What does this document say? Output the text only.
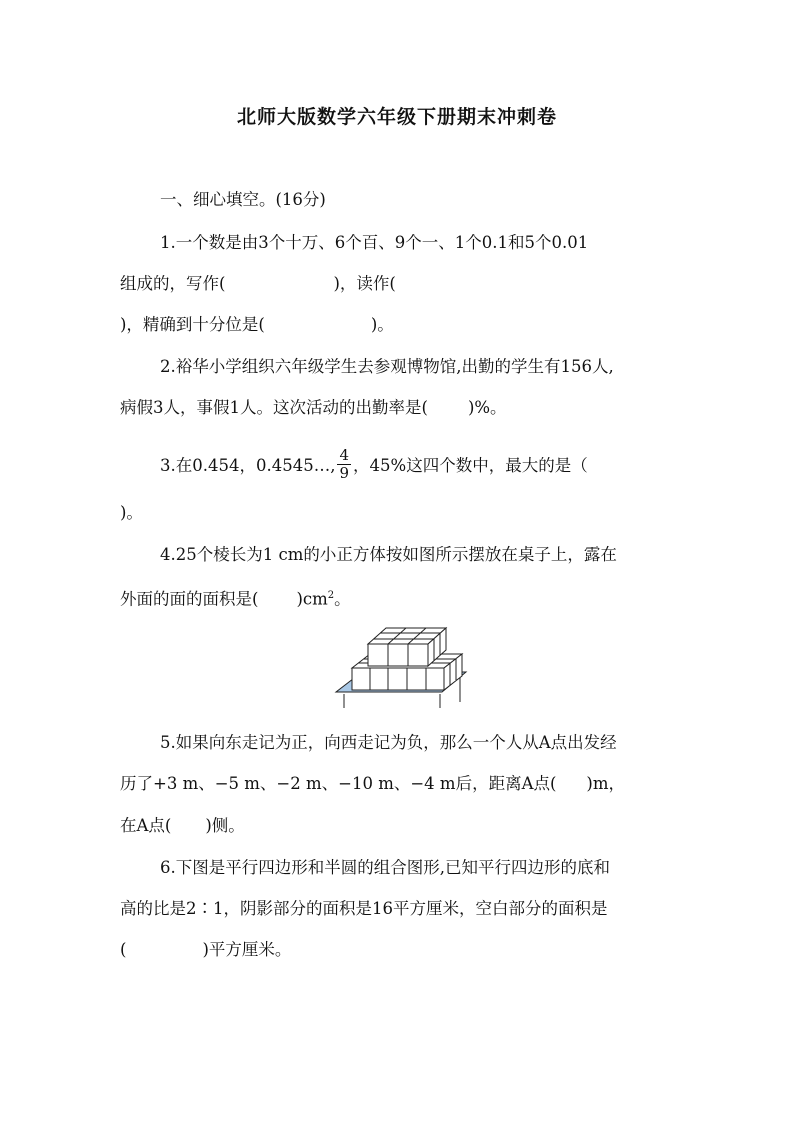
北师大版数学六年级下册期末冲刺卷
一、细心填空。(16分)
1.一个数是由3个十万、6个百、9个一、1个0.1和5个0.01
组成的，写作(	)，读作(
)，精确到十分位是(	)。
2.裕华小学组织六年级学生去参观博物馆,出勤的学生有156人,
病假3人，事假1人。这次活动的出勤率是( )%。
3.在0.454，0.4545…, $\frac{4}{9}$ ，45%这四个数中，最大的是（
)。
4.25个棱长为1 cm的小正方体按如图所示摆放在桌子上，露在
外面的面的面积是( )$cm^2$。
5.如果向东走记为正，向西走记为负，那么一个人从A点出发经
历了+3 m、−5 m、−2 m、−10 m、−4 m后，距离A点( )m，
在A点( )侧。
6.下图是平行四边形和半圆的组合图形,已知平行四边形的底和
高的比是2∶1，阴影部分的面积是16平方厘米，空白部分的面积是
(	)平方厘米。
